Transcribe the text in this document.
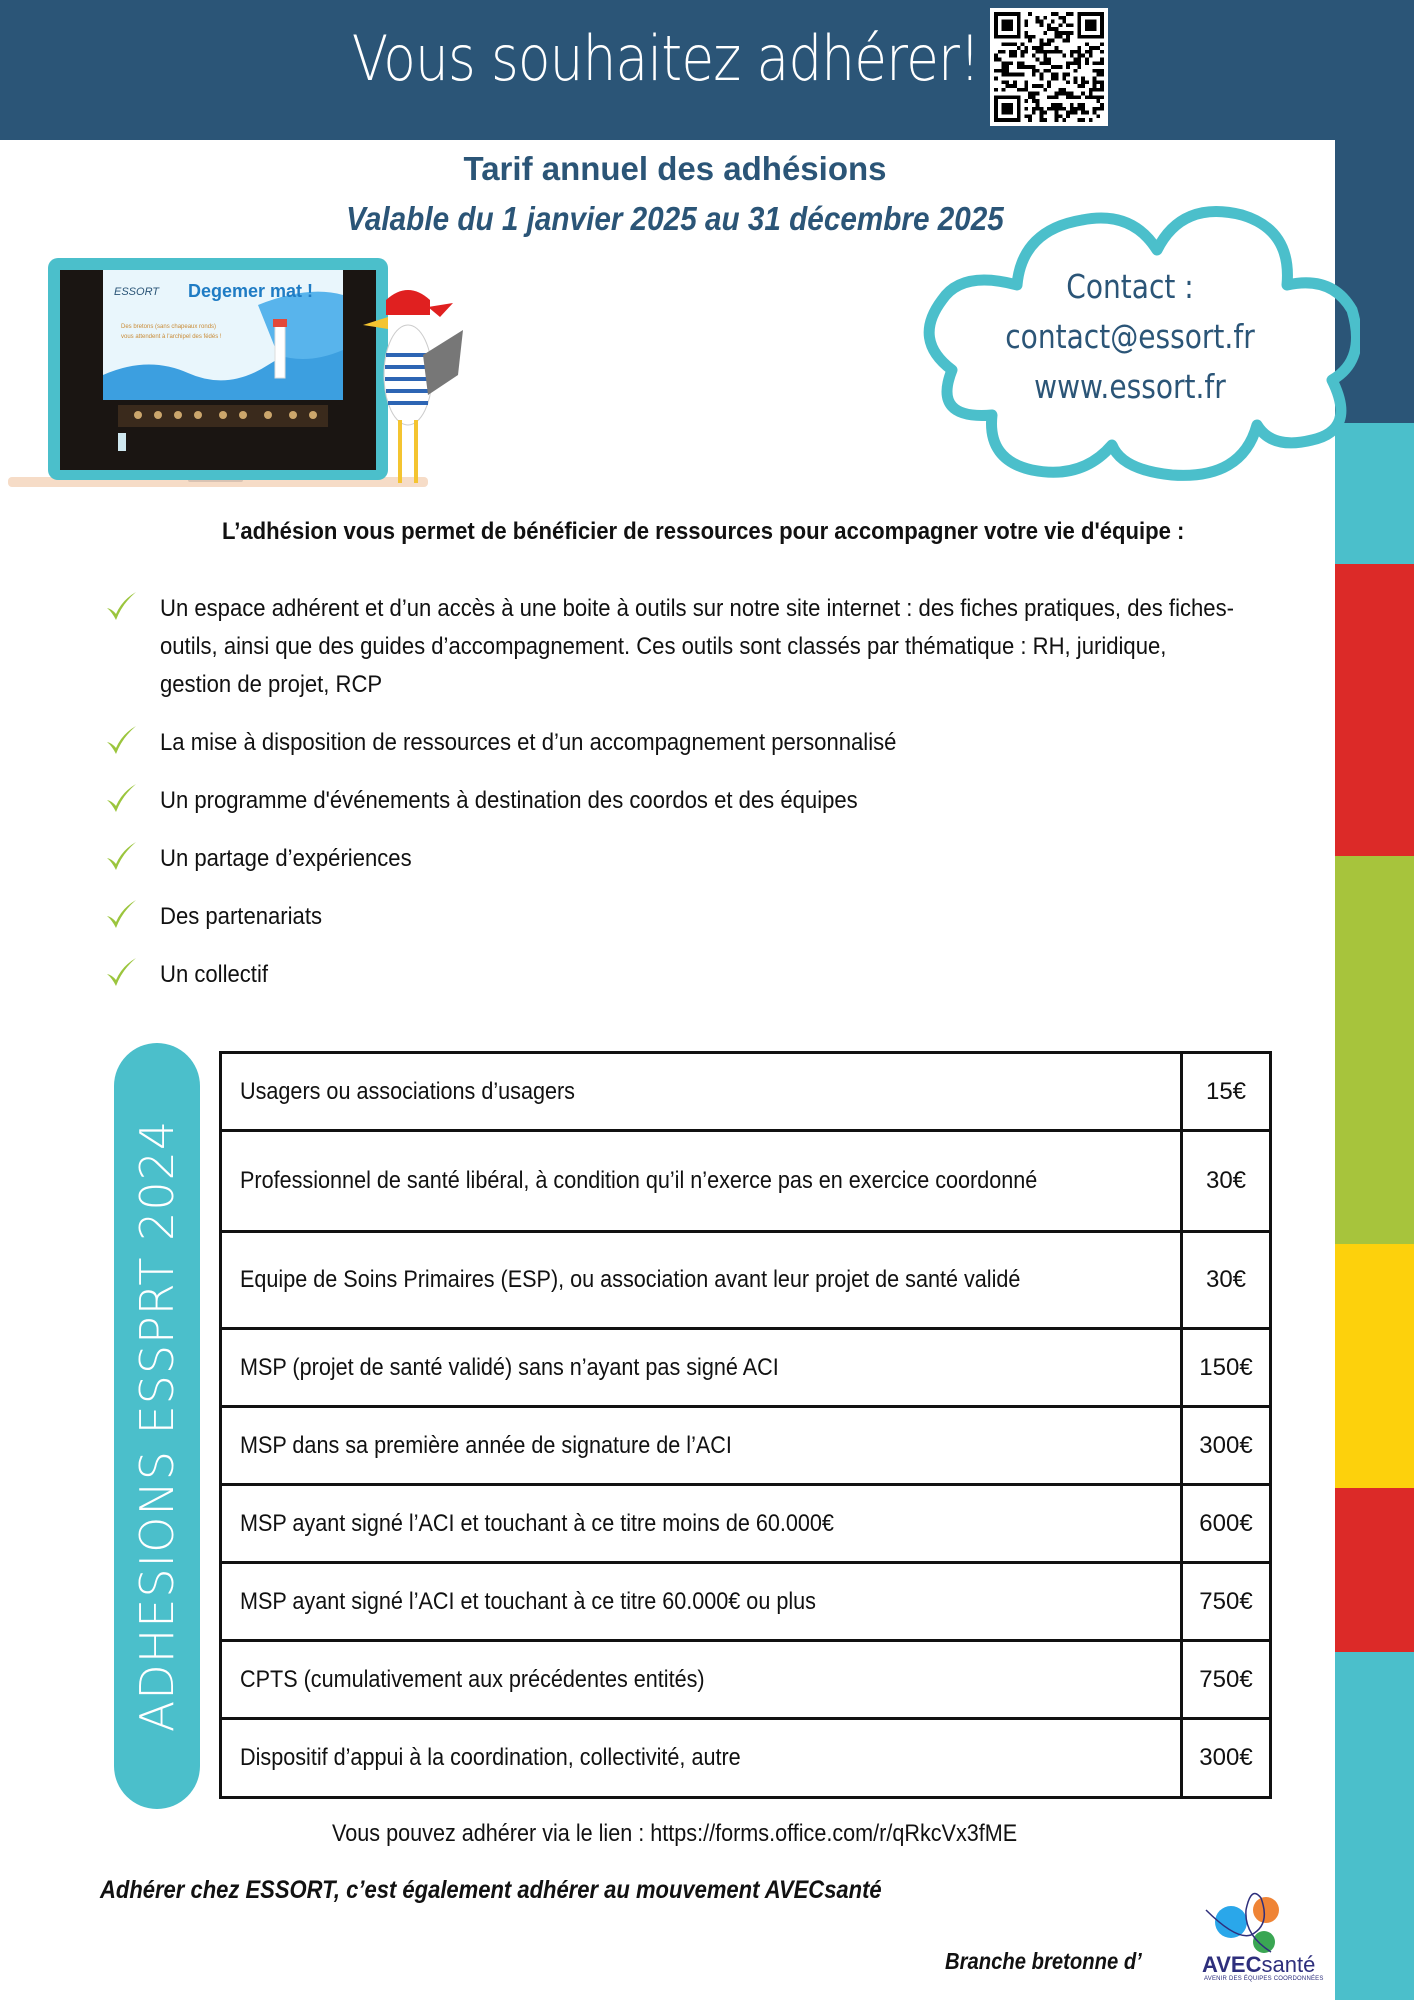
Vous souhaitez adhérer!
Tarif annuel des adhésions
Valable du 1 janvier 2025 au 31 décembre 2025
ESSORT Degemer mat !
Des bretons (sans chapeaux ronds)
vous attendent à l'archipel des fédés !
Contact :
contact@essort.fr
www.essort.fr
L’adhésion vous permet de bénéficier de ressources pour accompagner votre vie d'équipe :
Un espace adhérent et d’un accès à une boite à outils sur notre site internet : des fiches pratiques, des fiches-outils, ainsi que des guides d’accompagnement. Ces outils sont classés par thématique : RH, juridique, gestion de projet, RCP
La mise à disposition de ressources et d’un accompagnement personnalisé
Un programme d'événements à destination des coordos et des équipes
Un partage d’expériences
Des partenariats
Un collectif
ADHESIONS ESSPRT 2024
Usagers ou associations d’usagers	15€
Professionnel de santé libéral, à condition qu’il n’exerce pas en exercice coordonné	30€
Equipe de Soins Primaires (ESP), ou association avant leur projet de santé validé	30€
MSP (projet de santé validé) sans n’ayant pas signé ACI	150€
MSP dans sa première année de signature de l’ACI	300€
MSP ayant signé l’ACI et touchant à ce titre moins de 60.000€	600€
MSP ayant signé l’ACI et touchant à ce titre 60.000€ ou plus	750€
CPTS (cumulativement aux précédentes entités)	750€
Dispositif d’appui à la coordination, collectivité, autre	300€
Vous pouvez adhérer via le lien : https://forms.office.com/r/qRkcVx3fME
Adhérer chez ESSORT, c’est également adhérer au mouvement AVECsanté
Branche bretonne d’	AVECsanté
AVENIR DES ÉQUIPES COORDONNÉES
